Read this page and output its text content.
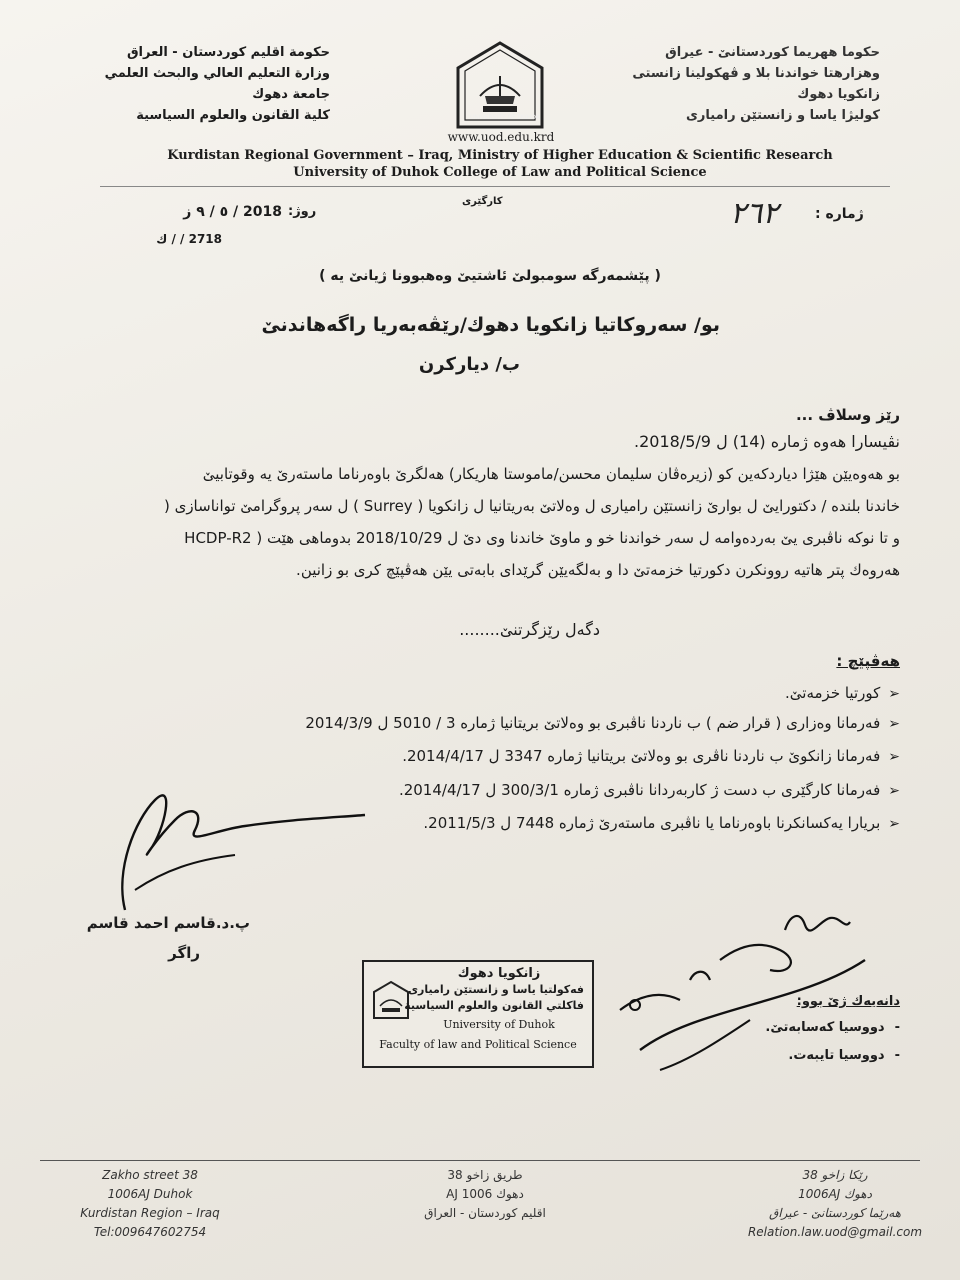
حكومة اقليم كوردستان - العراق
وزارة التعليم العالي والبحث العلمي
جامعة دهوك
كلية القانون والعلوم السياسية
حكوما ههریما كوردستانێ - عیراق
وهزارهتا خواندنا بلا و ڤهكولینا زانستی
زانكویا دهوك
كولیژا یاسا و زانستێن رامیاری
UNIVERSITY OF DUHOK
www.uod.edu.krd
Kurdistan Regional Government – Iraq, Ministry of Higher Education & Scientific Research
University of Duhok College of Law and Political Science
كارگێرى
ژماره :
٢٦٢
روژ:
2018 / ٥ / ٩ ز
2718 / / ك
( پێشمەرگە سومبولێ ئاشتیێ وەهبوونا ژیانێ یە )
بو/ سەروكاتیا زانكویا دهوك/رێڤەبەریا راگەهاندنێ
ب/ دیاركرن
رێز وسلاڤ ...
نڤیسارا هەوە ژمارە (14) ل 2018/5/9.
بو هەوەیێن هێژا دیاردكەین كو (زیرەڤان سلیمان محسن/ماموستا هاریكار) هەلگرێ باوەرناما ماستەرێ یە وقوتابیێ
خاندنا بلندە / دكتورایێ ل بوارێ زانستێن رامیاری ل وەلاتێ بەریتانیا ل زانكویا ( Surrey ) ل سەر پروگرامێ تواناسازی (
HCDP-R2 ) و تا نوكە ناڤبری یێ بەردەوامە ل سەر خواندنا خو و ماوێ خاندنا وی دێ ل 2018/10/29 بدوماهی هێت
هەروەك پتر هاتیە روونكرن دكورتیا خزمەتێ دا و بەلگەیێن گرێدای بابەتی یێن هەڤپێچ كری بو زانین.
دگەل رێزگرتنێ........
هەڤپێچ :
➢كورتیا خزمەتێ.
➢فەرمانا وەزاری ( قرار ضم ) ب ناردنا ناڤبری بو وەلاتێ بریتانیا ژمارە 3 / 5010 ل 2014/3/9
➢فەرمانا زانكوێ ب ناردنا ناڤری بو وەلاتێ بریتانیا ژمارە 3347 ل 2014/4/17.
➢فەرمانا كارگێری ب دست ژ كاربەردانا ناڤبری ژمارە 300/3/1 ل 2014/4/17.
➢بریارا یەكسانكرنا باوەرناما یا ناڤبری ماستەرێ ژمارە 7448 ل 2011/5/3.
پ.د.قاسم احمد قاسم
راگر
زانكويا دهوك
فەكولتیا یاسا و زانستێن رامیاری
فاكلتي القانون والعلوم السياسية
University of Duhok
Faculty of law and Political Science
دانەیەك ژێ بوو:
-دووسیا كەسابەتێ.
-دووسیا تایبەت.
Zakho street 38
1006AJ Duhok
Kurdistan Region – Iraq
Tel:009647602754
طريق زاخو 38
دهوك 1006 AJ
اقليم كوردستان - العراق
رێكا زاخو 38
دهوك 1006AJ
هەرێما كوردستانێ - عیراق
Relation.law.uod@gmail.com
